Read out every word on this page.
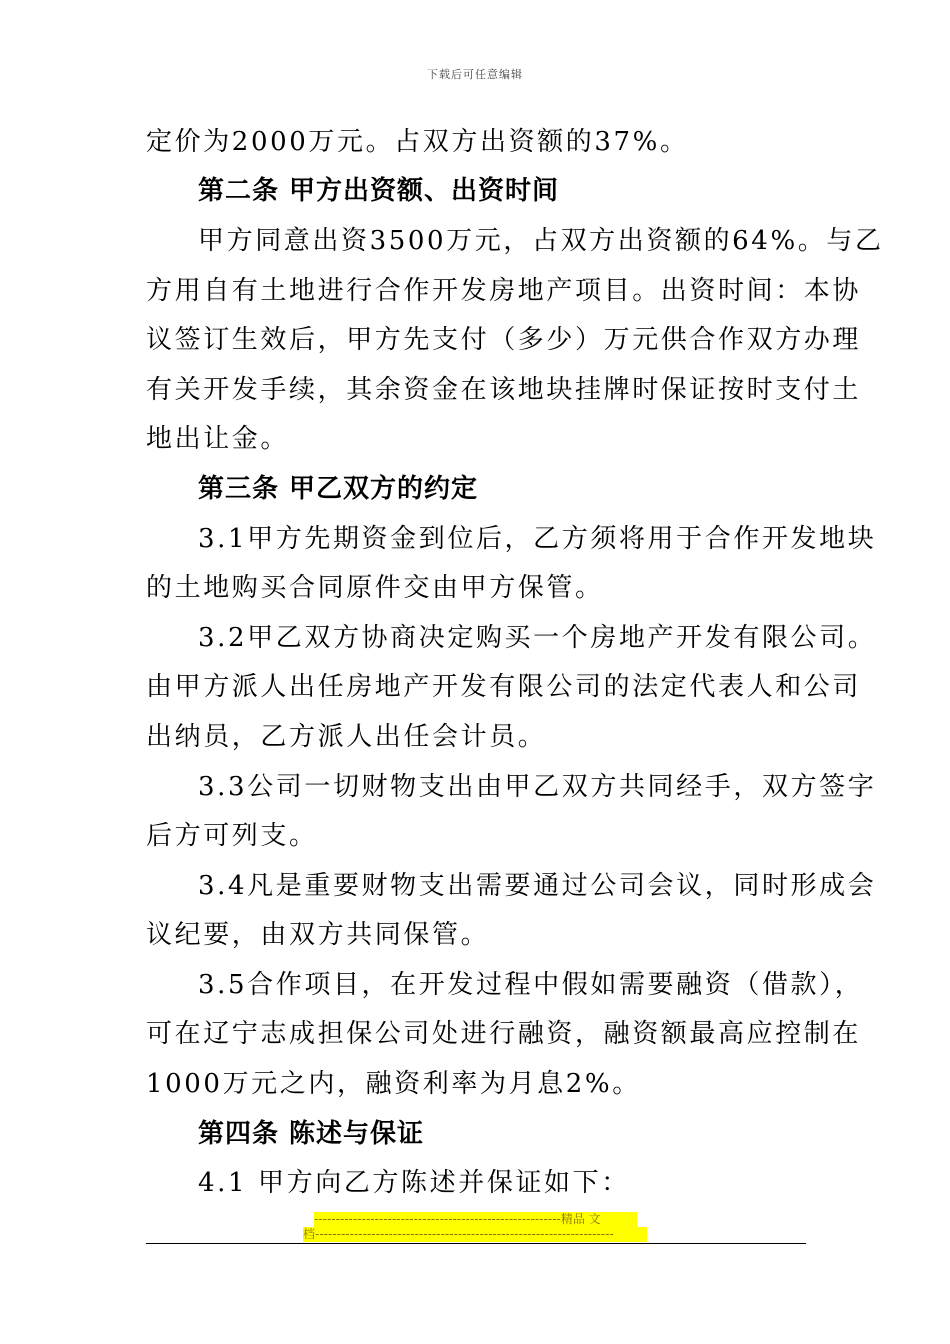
下载后可任意编辑
定价为2000万元。占双方出资额的37%。
第二条 甲方出资额、出资时间
甲方同意出资3500万元，占双方出资额的64%。与乙
方用自有土地进行合作开发房地产项目。出资时间：本协
议签订生效后，甲方先支付（多少）万元供合作双方办理
有关开发手续，其余资金在该地块挂牌时保证按时支付土
地出让金。
第三条 甲乙双方的约定
3.1甲方先期资金到位后，乙方须将用于合作开发地块
的土地购买合同原件交由甲方保管。
3.2甲乙双方协商决定购买一个房地产开发有限公司。
由甲方派人出任房地产开发有限公司的法定代表人和公司
出纳员，乙方派人出任会计员。
3.3公司一切财物支出由甲乙双方共同经手，双方签字
后方可列支。
3.4凡是重要财物支出需要通过公司会议，同时形成会
议纪要，由双方共同保管。
3.5合作项目，在开发过程中假如需要融资（借款），
可在辽宁志成担保公司处进行融资，融资额最高应控制在
1000万元之内，融资利率为月息2%。
第四条 陈述与保证
4.1 甲方向乙方陈述并保证如下：
---------------------------------------------------------精品 文
档---------------------------------------------------------------------
